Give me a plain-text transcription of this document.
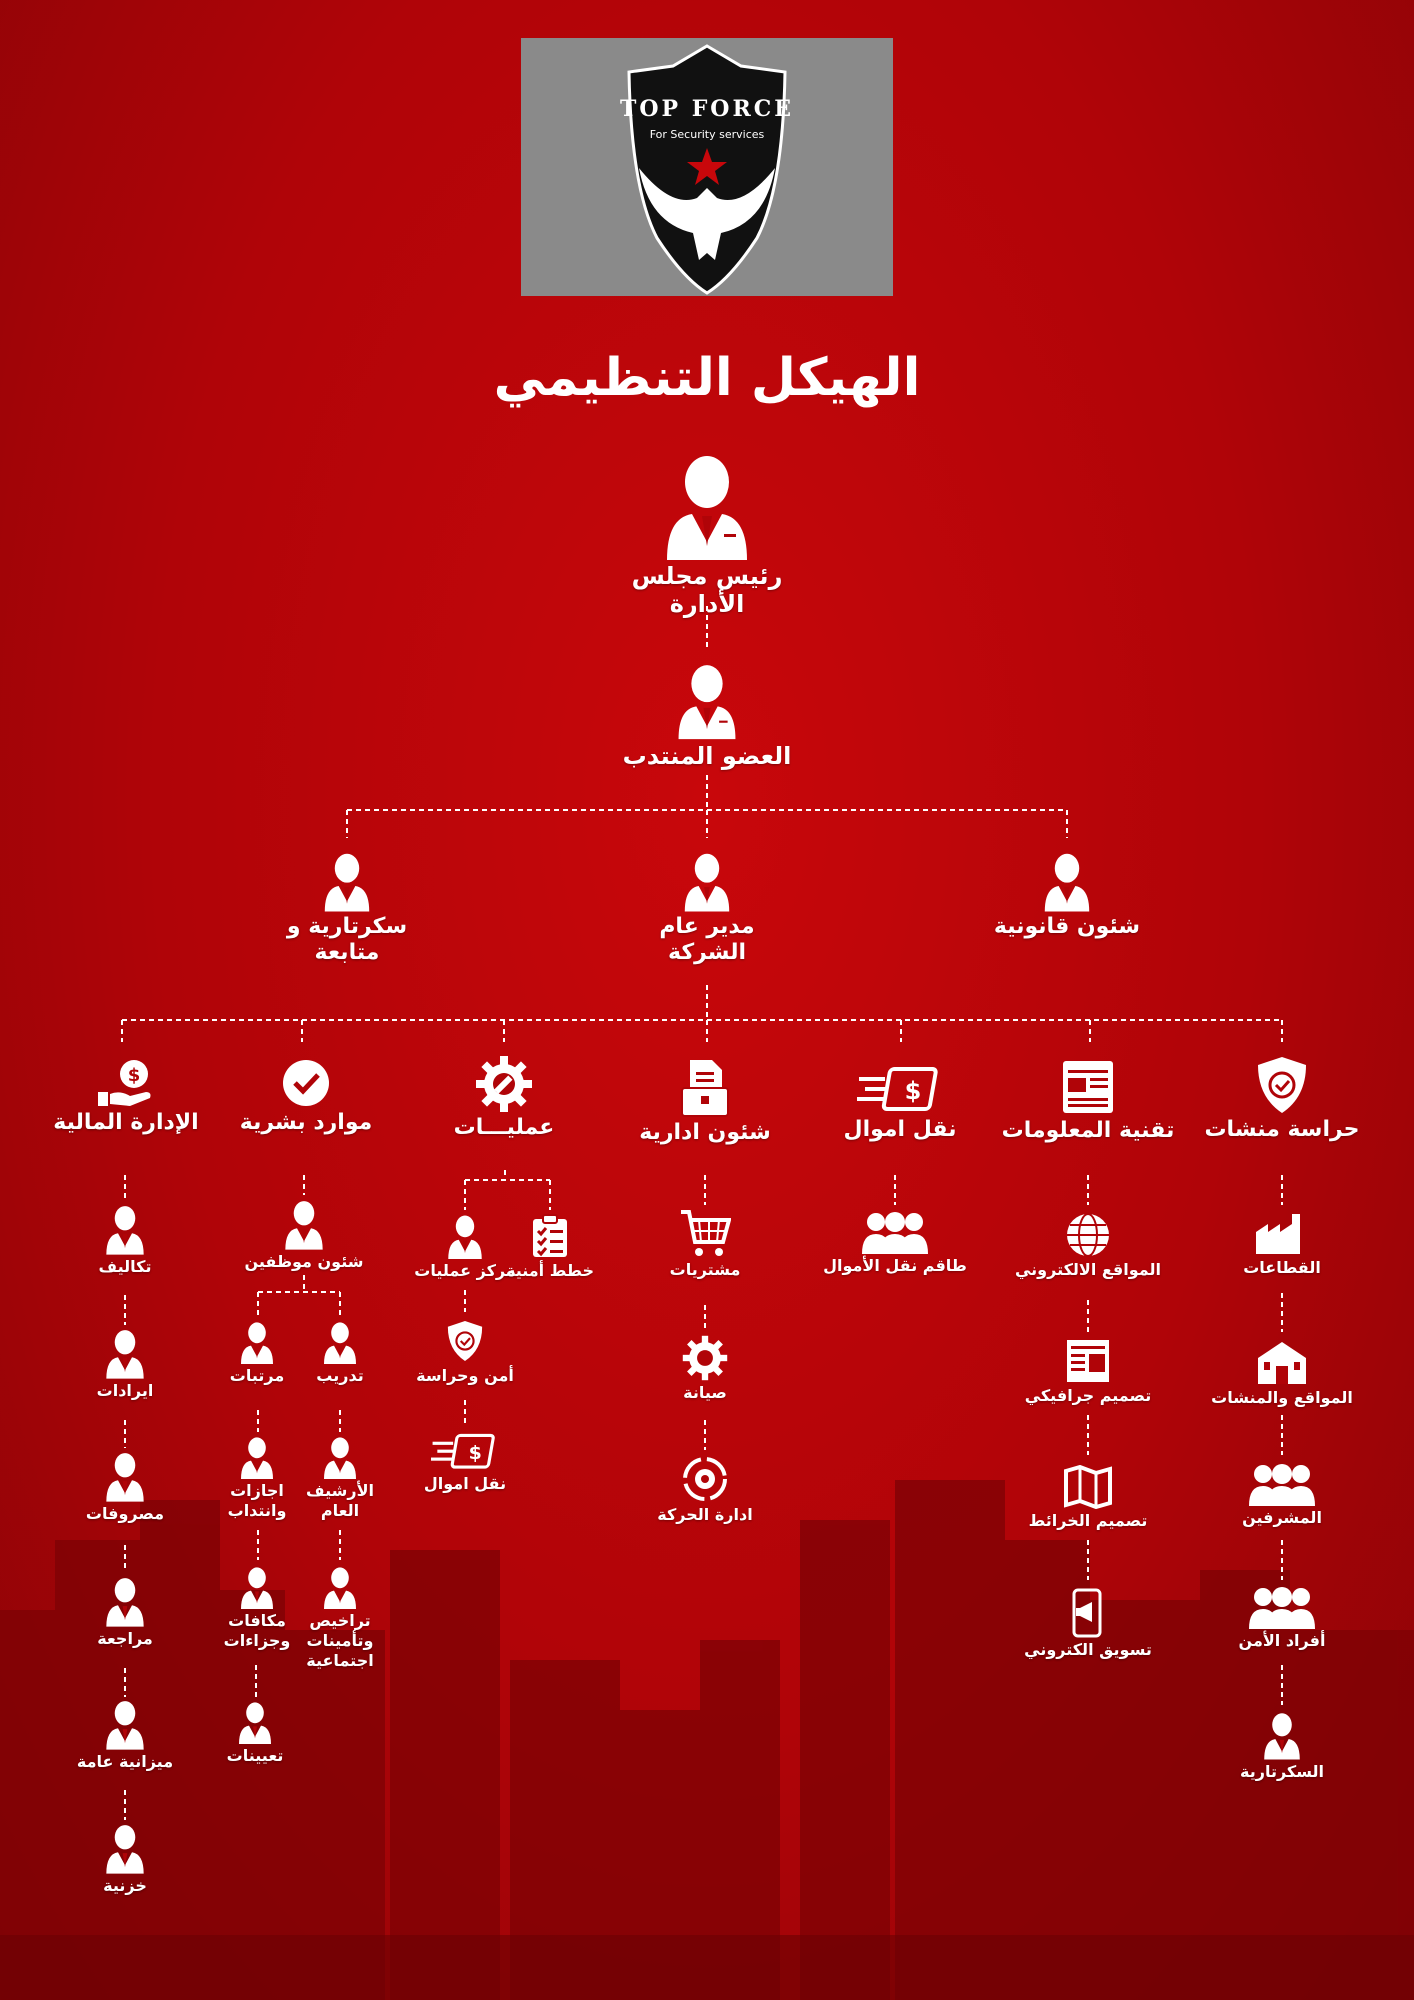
TOP FORCE
For Security services
الهيكل التنظيمي
رئيس مجلس الأدارة
العضو المنتدب
شئون قانونية
مدير عام الشركة
سكرتارية و متابعة
حراسة منشات
تقنية المعلومات
$
نقل اموال
شئون ادارية
عمليـــات
موارد بشرية
$
الإدارة المالية
القطاعات
المواقع والمنشات
المشرفين
أفراد الأمن
السكرتارية
المواقع الالكتروني
تصميم جرافيكي
تصميم الخرائط
تسويق الكتروني
طاقم نقل الأموال
مشتريات
صيانة
ادارة الحركة
خطط أمنية
مركز عمليات
أمن وحراسة
$
نقل اموال
شئون موظفين
تدريب
الأرشيف
العام
تراخيص
وتأمينات
اجتماعية
مرتبات
اجازات
وانتداب
مكافات
وجزاءات
تعيينات
تكاليف
ايرادات
مصروفات
مراجعة
ميزانية عامة
خزنية
